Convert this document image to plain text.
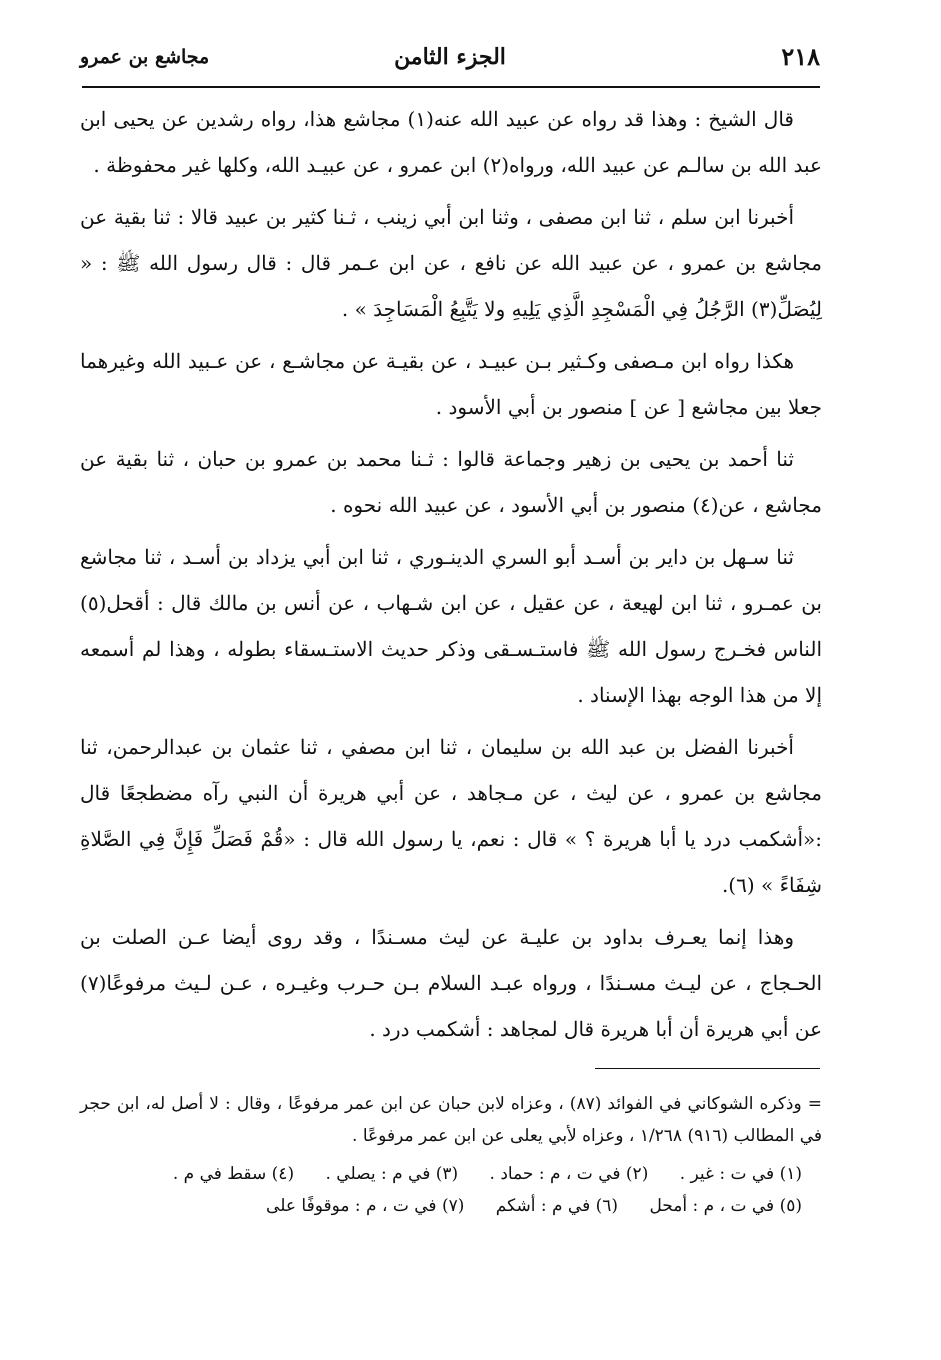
٢١٨
الجزء الثامن
مجاشع بن عمرو

قال الشيخ : وهذا قد رواه عن عبيد الله عنه(١) مجاشع هذا، رواه رشدين عن يحيى ابن عبد الله بن سالـم عن عبيد الله، ورواه(٢) ابن عمرو ، عن عبيـد الله، وكلها غير محفوظة .

أخبرنا ابن سلم ، ثنا ابن مصفى ، وثنا ابن أبي زينب ، ثـنا كثير بن عبيد قالا : ثنا بقية عن مجاشع بن عمرو ، عن عبيد الله عن نافع ، عن ابن عـمر قال : قال رسول الله ﷺ : « لِيُصَلِّ(٣) الرَّجُلُ فِي الْمَسْجِدِ الَّذِي يَلِيهِ ولا يَتَّبِعُ الْمَسَاجِدَ » .

هكذا رواه ابن مـصفى وكـثير بـن عبيـد ، عن بقيـة عن مجاشـع ، عن عـبيد الله وغيرهما جعلا بين مجاشع [ عن ] منصور بن أبي الأسود .

ثنا أحمد بن يحيى بن زهير وجماعة قالوا : ثـنا محمد بن عمرو بن حبان ، ثنا بقية عن مجاشع ، عن(٤) منصور بن أبي الأسود ، عن عبيد الله نحوه .

ثنا سـهل بن داير بن أسـد أبو السري الدينـوري ، ثنا ابن أبي يزداد بن أسـد ، ثنا مجاشع بن عمـرو ، ثنا ابن لهيعة ، عن عقيل ، عن ابن شـهاب ، عن أنس بن مالك قال : أقحل(٥) الناس فخـرج رسول الله ﷺ فاستـسـقى وذكر حديث الاستـسقاء بطوله ، وهذا لم أسمعه إلا من هذا الوجه بهذا الإسناد .

أخبرنا الفضل بن عبد الله بن سليمان ، ثنا ابن مصفي ، ثنا عثمان بن عبدالرحمن، ثنا مجاشع بن عمرو ، عن ليث ، عن مـجاهد ، عن أبي هريرة أن النبي رآه مضطجعًا قال :«أشكمب درد يا أبا هريرة ؟ » قال : نعم، يا رسول الله قال : «قُمْ فَصَلِّ فَإِنَّ فِي الصَّلاةِ شِفَاءً » (٦).

وهذا إنما يعـرف بداود بن عليـة عن ليث مسـندًا ، وقد روى أيضا عـن الصلت بن الحـجاج ، عن ليـث مسـندًا ، ورواه عبـد السلام بـن حـرب وغيـره ، عـن لـيث مرفوعًا(٧) عن أبي هريرة أن أبا هريرة قال لمجاهد : أشكمب درد .

= وذكره الشوكاني في الفوائد (٨٧) ، وعزاه لابن حبان عن ابن عمر مرفوعًا ، وقال : لا أصل له، ابن حجر في المطالب (٩١٦) ١/٢٦٨ ، وعزاه لأبي يعلى عن ابن عمر مرفوعًا .

(١) في ت : غير . (٢) في ت ، م : حماد . (٣) في م : يصلي . (٤) سقط في م .
(٥) في ت ، م : أمحل (٦) في م : أشكم (٧) في ت ، م : موقوفًا على
